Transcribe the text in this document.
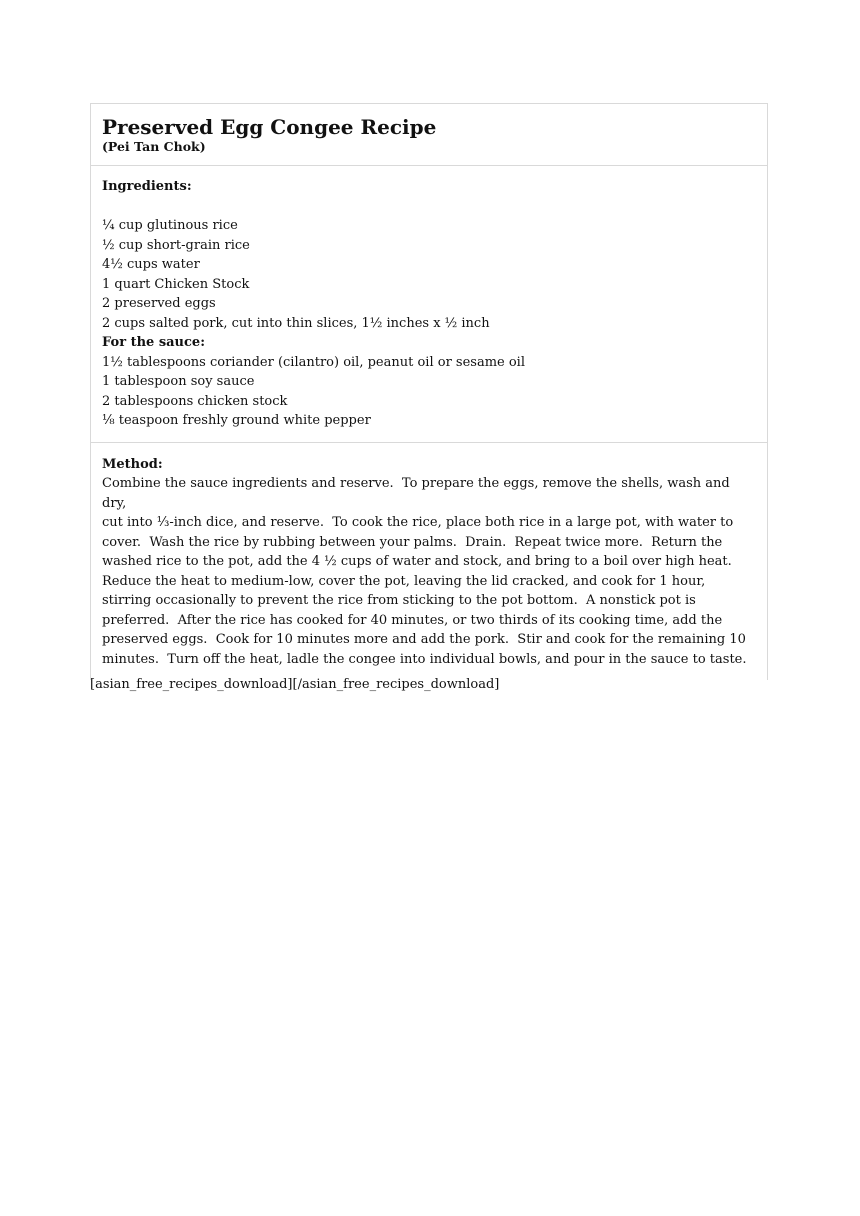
Preserved Egg Congee Recipe
(Pei Tan Chok)
Ingredients:
¼ cup glutinous rice
½ cup short-grain rice
4½ cups water
1 quart Chicken Stock
2 preserved eggs
2 cups salted pork, cut into thin slices, 1½ inches x ½ inch
For the sauce:
1½ tablespoons coriander (cilantro) oil, peanut oil or sesame oil
1 tablespoon soy sauce
2 tablespoons chicken stock
⅛ teaspoon freshly ground white pepper
Method:
Combine the sauce ingredients and reserve.  To prepare the eggs, remove the shells, wash and dry,
cut into ⅓-inch dice, and reserve.  To cook the rice, place both rice in a large pot, with water to
cover.  Wash the rice by rubbing between your palms.  Drain.  Repeat twice more.  Return the
washed rice to the pot, add the 4 ½ cups of water and stock, and bring to a boil over high heat.
Reduce the heat to medium-low, cover the pot, leaving the lid cracked, and cook for 1 hour,
stirring occasionally to prevent the rice from sticking to the pot bottom.  A nonstick pot is
preferred.  After the rice has cooked for 40 minutes, or two thirds of its cooking time, add the
preserved eggs.  Cook for 10 minutes more and add the pork.  Stir and cook for the remaining 10
minutes.  Turn off the heat, ladle the congee into individual bowls, and pour in the sauce to taste.
[asian_free_recipes_download][/asian_free_recipes_download]
